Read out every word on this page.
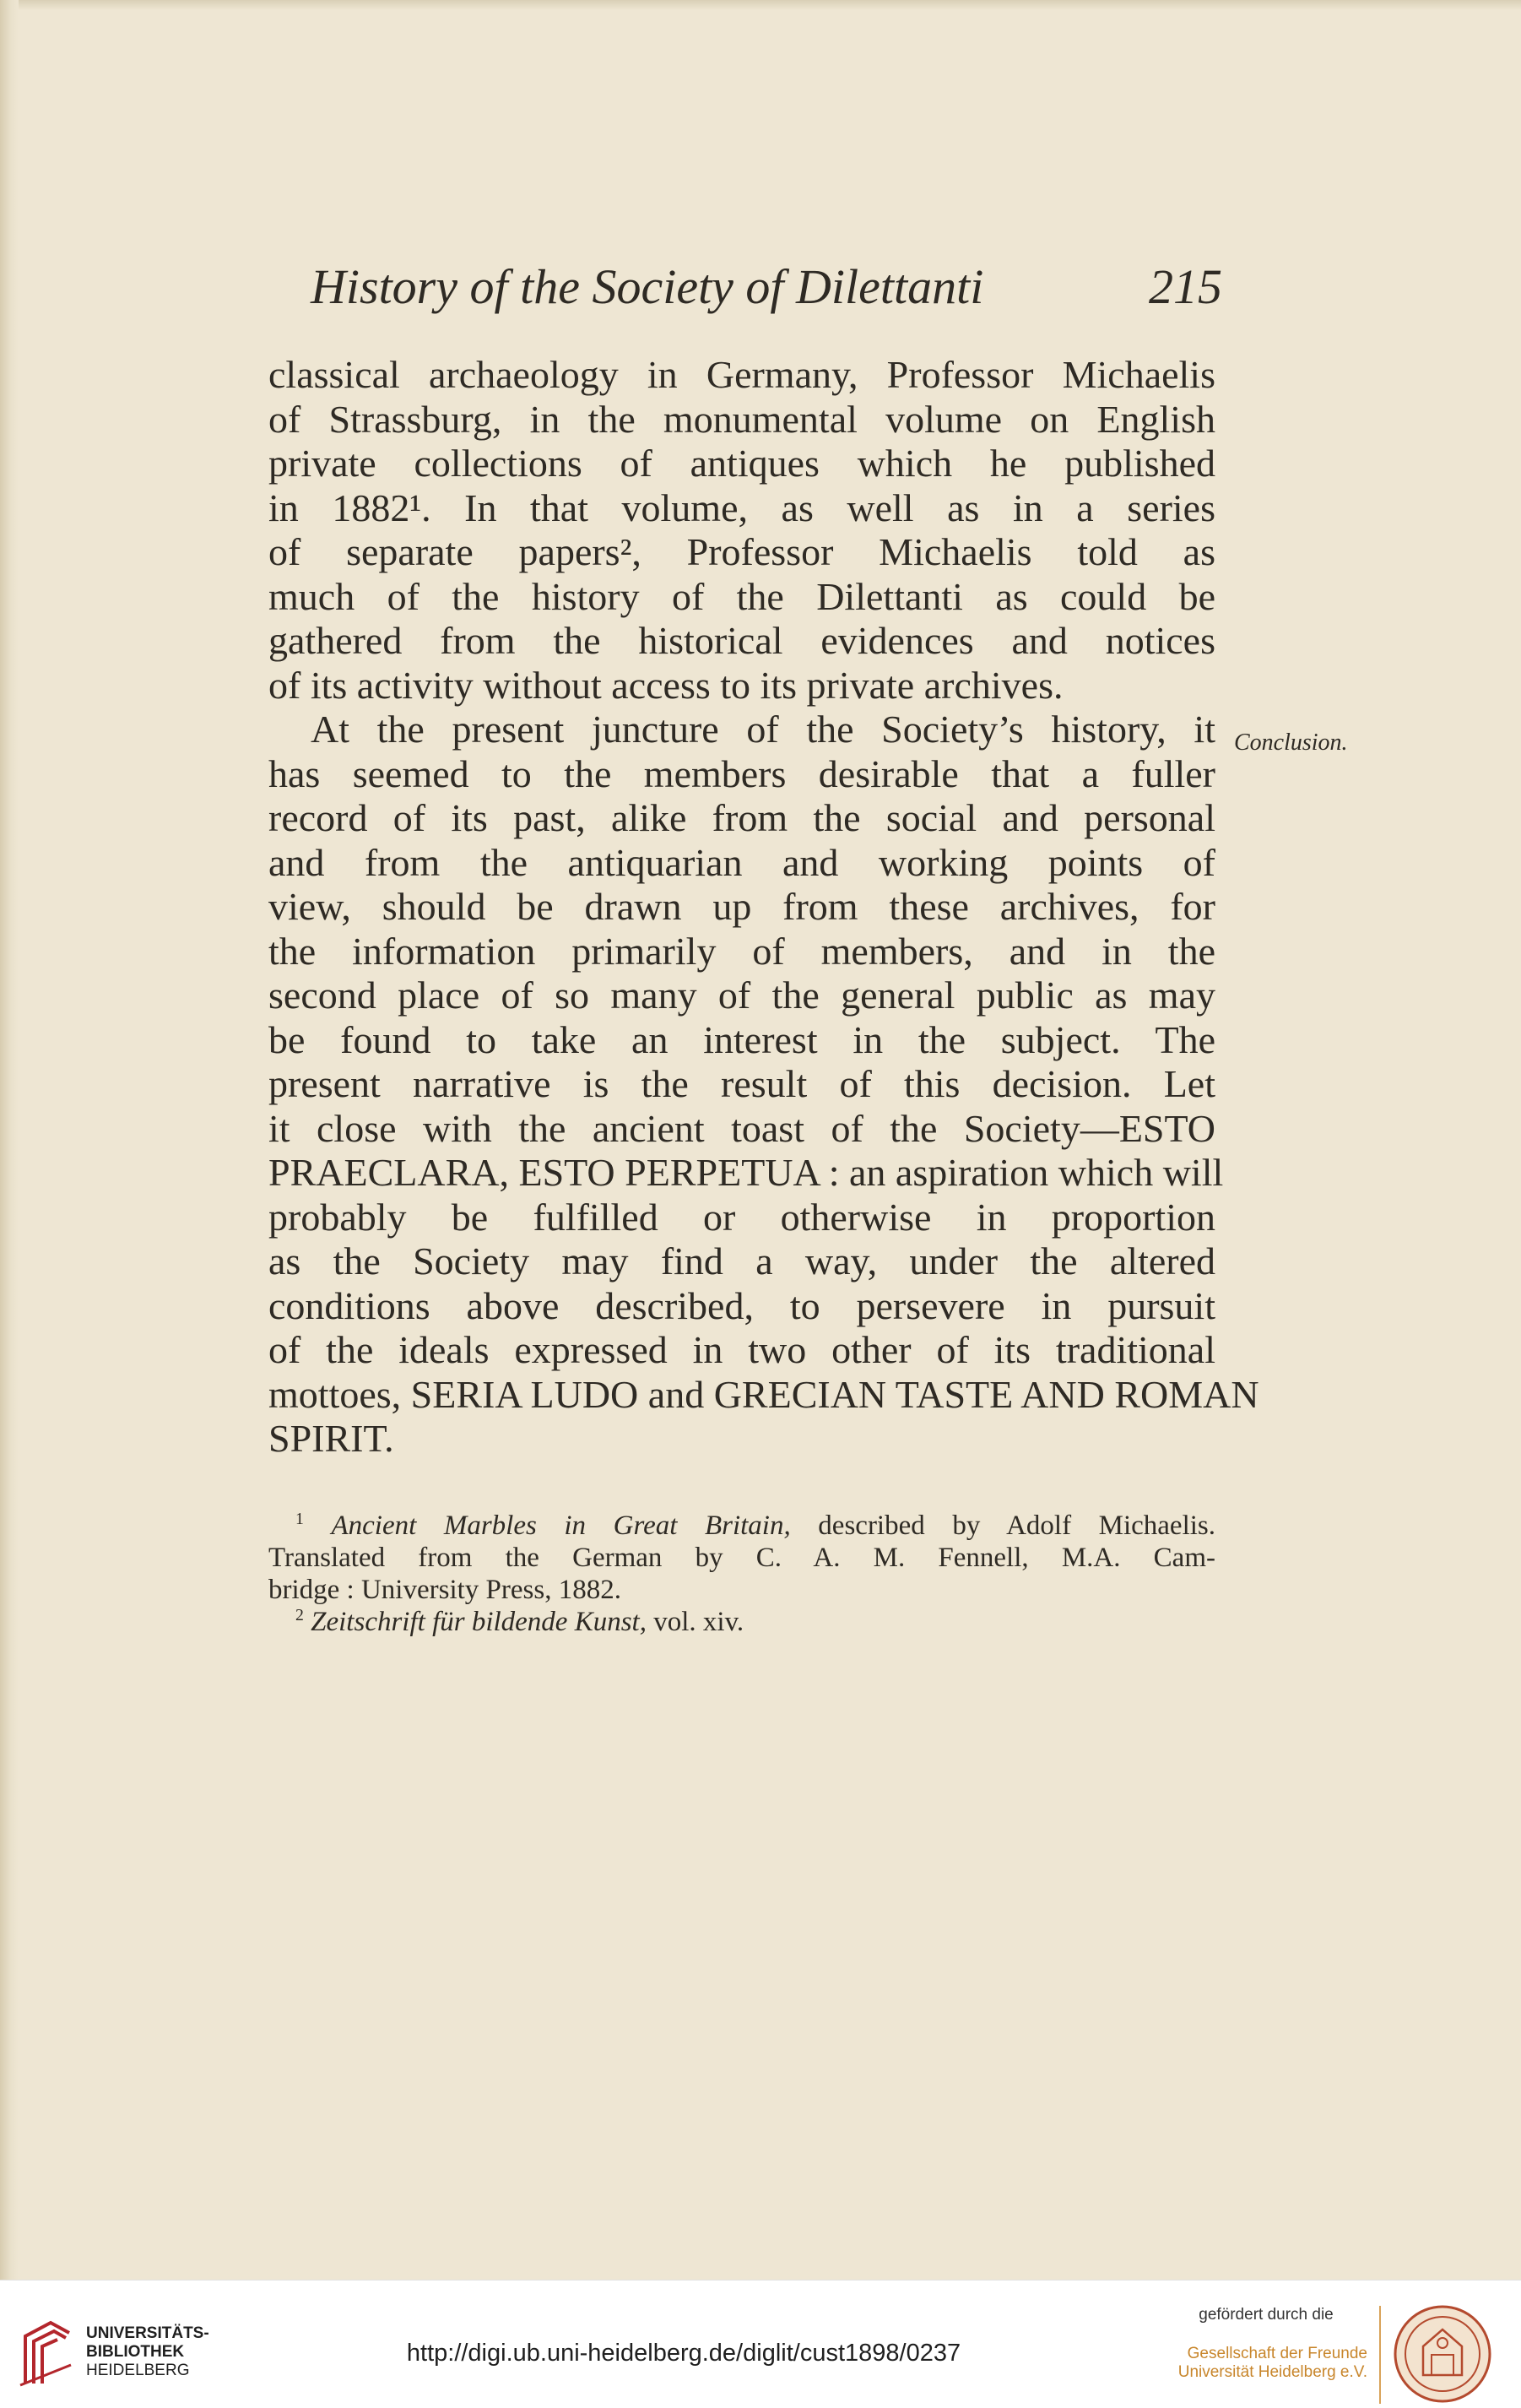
History of the Society of Dilettanti	215
Conclusion.
classical archaeology in Germany, Professor Michaelis
of Strassburg, in the monumental volume on English
private collections of antiques which he published
in 1882¹. In that volume, as well as in a series
of separate papers², Professor Michaelis told as
much of the history of the Dilettanti as could be
gathered from the historical evidences and notices
of its activity without access to its private archives.
At the present juncture of the Society’s history, it
has seemed to the members desirable that a fuller
record of its past, alike from the social and personal
and from the antiquarian and working points of
view, should be drawn up from these archives, for
the information primarily of members, and in the
second place of so many of the general public as may
be found to take an interest in the subject. The
present narrative is the result of this decision. Let
it close with the ancient toast of the Society—ESTO
PRAECLARA, ESTO PERPETUA : an aspiration which will
probably be fulfilled or otherwise in proportion
as the Society may find a way, under the altered
conditions above described, to persevere in pursuit
of the ideals expressed in two other of its traditional
mottoes, SERIA LUDO and GRECIAN TASTE AND ROMAN
SPIRIT.
$^1$ Ancient Marbles in Great Britain, described by Adolf Michaelis.
Translated from the German by C. A. M. Fennell, M.A. Cam-
bridge : University Press, 1882.
$^2$ Zeitschrift für bildende Kunst, vol. xiv.
UNIVERSITÄTS-
BIBLIOTHEK
HEIDELBERG
http://digi.ub.uni-heidelberg.de/diglit/cust1898/0237
gefördert durch die
Gesellschaft der Freunde
Universität Heidelberg e.V.
